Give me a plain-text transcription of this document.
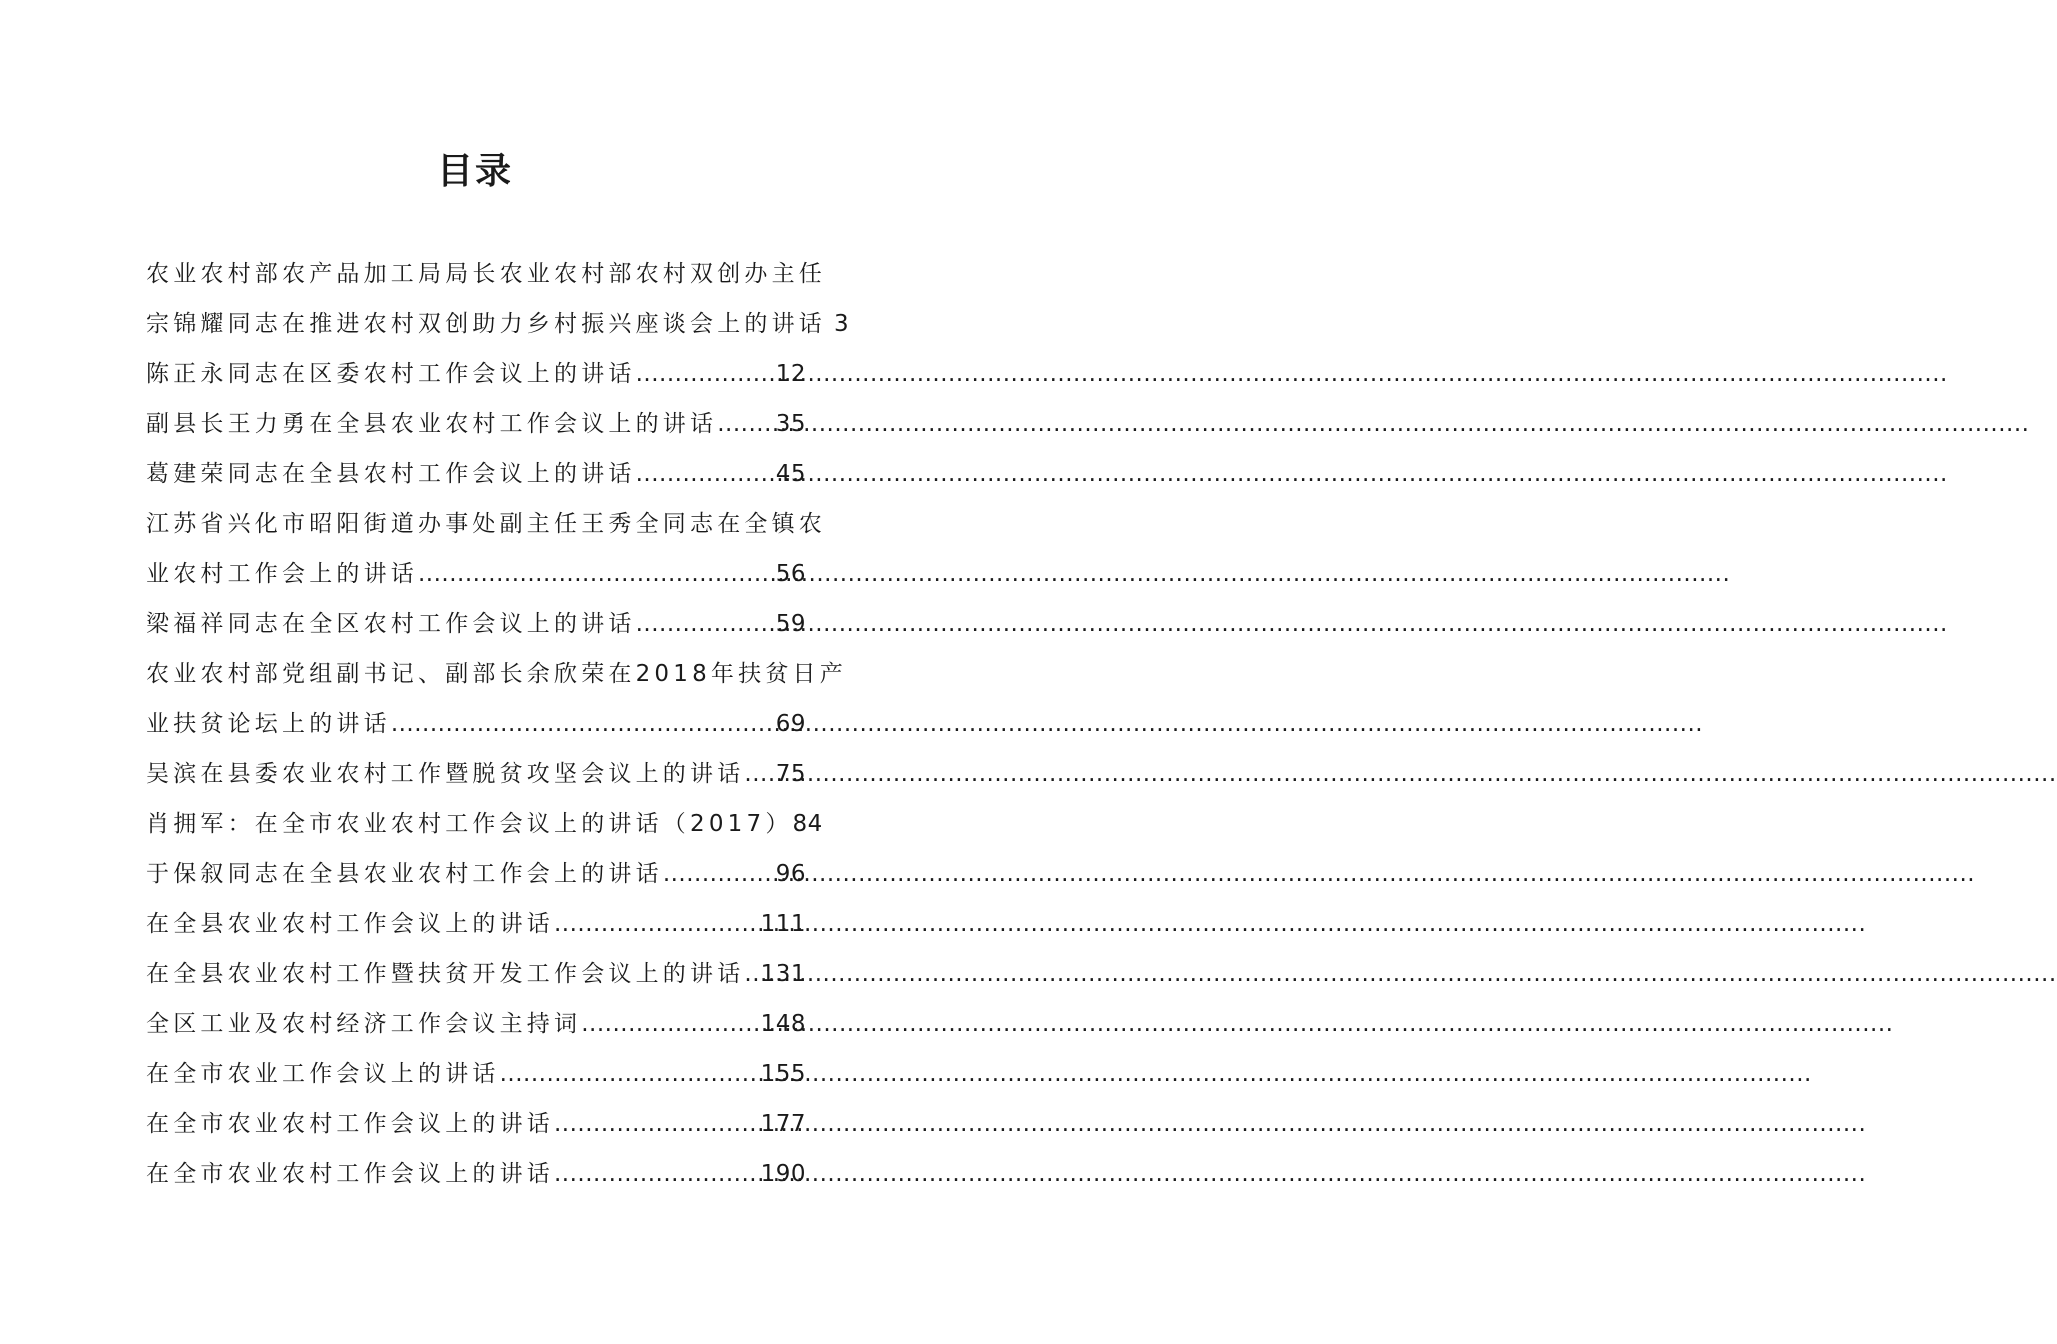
目录
农业农村部农产品加工局局长农业农村部农村双创办主任
宗锦耀同志在推进农村双创助力乡村振兴座谈会上的讲话 3
陈正永同志在区委农村工作会议上的讲话 .....	12
副县长王力勇在全县农业农村工作会议上的讲话 .....	35
葛建荣同志在全县农村工作会议上的讲话 .....	45
江苏省兴化市昭阳街道办事处副主任王秀全同志在全镇农
业农村工作会上的讲话 .....	56
梁福祥同志在全区农村工作会议上的讲话 .....	59
农业农村部党组副书记、副部长余欣荣在2018年扶贫日产
业扶贫论坛上的讲话 .....	69
吴滨在县委农业农村工作暨脱贫攻坚会议上的讲话 ..... 75
肖拥军：在全市农业农村工作会议上的讲话（2017） 84
于保叙同志在全县农业农村工作会上的讲话 .....	96
在全县农业农村工作会议上的讲话 .....	111
在全县农业农村工作暨扶贫开发工作会议上的讲话 ..... 131
全区工业及农村经济工作会议主持词 .....	148
在全市农业工作会议上的讲话 .....	155
在全市农业农村工作会议上的讲话 .....	177
在全市农业农村工作会议上的讲话 .....	190
